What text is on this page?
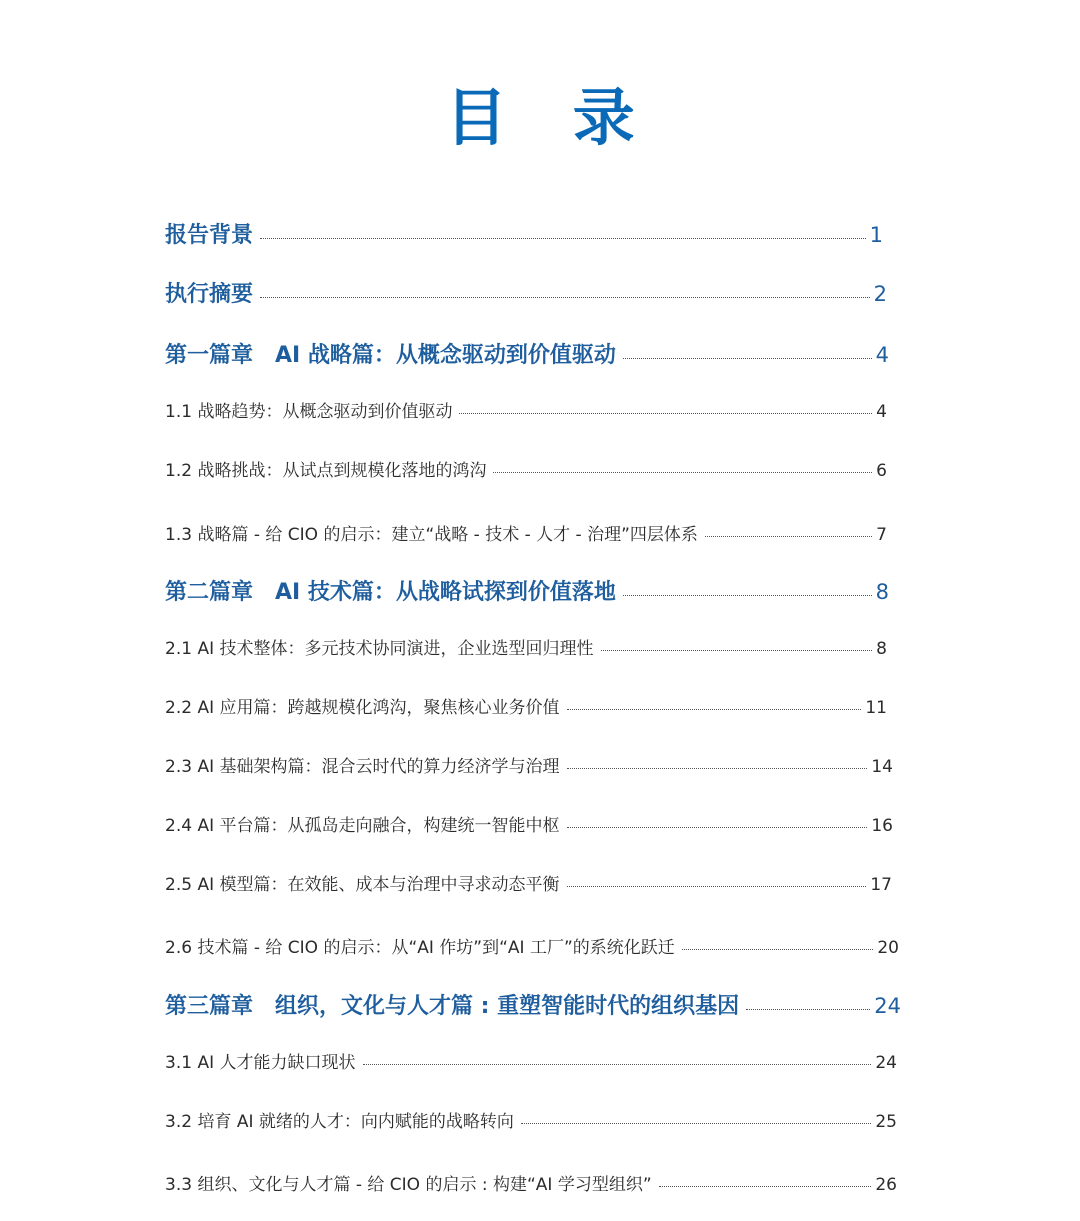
目 录
报告背景	1
执行摘要	2
第一篇章　AI 战略篇：从概念驱动到价值驱动	4
1.1 战略趋势：从概念驱动到价值驱动	4
1.2 战略挑战：从试点到规模化落地的鸿沟	6
1.3 战略篇 - 给 CIO 的启示：建立“战略 - 技术 - 人才 - 治理”四层体系	7
第二篇章　AI 技术篇：从战略试探到价值落地	8
2.1 AI 技术整体：多元技术协同演进，企业选型回归理性	8
2.2 AI 应用篇：跨越规模化鸿沟，聚焦核心业务价值	11
2.3 AI 基础架构篇：混合云时代的算力经济学与治理	14
2.4 AI 平台篇：从孤岛走向融合，构建统一智能中枢	16
2.5 AI 模型篇：在效能、成本与治理中寻求动态平衡	17
2.6 技术篇 - 给 CIO 的启示：从“AI 作坊”到“AI 工厂”的系统化跃迁	20
第三篇章　组织，文化与人才篇 : 重塑智能时代的组织基因	24
3.1 AI 人才能力缺口现状	24
3.2 培育 AI 就绪的人才：向内赋能的战略转向	25
3.3 组织、文化与人才篇 - 给 CIO 的启示 : 构建“AI 学习型组织”	26
